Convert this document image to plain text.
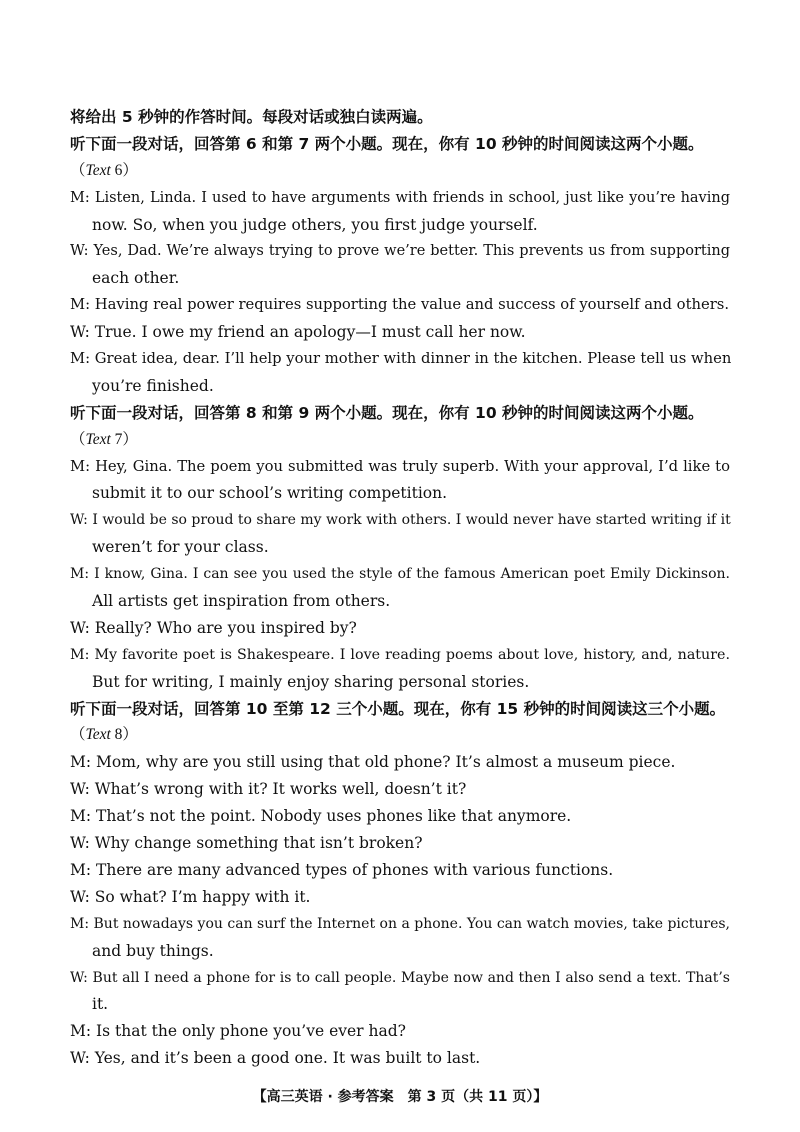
将给出 5 秒钟的作答时间。每段对话或独白读两遍。
听下面一段对话，回答第 6 和第 7 两个小题。现在，你有 10 秒钟的时间阅读这两个小题。
（Text 6）
M: Listen, Linda. I used to have arguments with friends in school, just like you’re having
now. So, when you judge others, you first judge yourself.
W: Yes, Dad. We’re always trying to prove we’re better. This prevents us from supporting
each other.
M: Having real power requires supporting the value and success of yourself and others.
W: True. I owe my friend an apology—I must call her now.
M: Great idea, dear. I’ll help your mother with dinner in the kitchen. Please tell us when
you’re finished.
听下面一段对话，回答第 8 和第 9 两个小题。现在，你有 10 秒钟的时间阅读这两个小题。
（Text 7）
M: Hey, Gina. The poem you submitted was truly superb. With your approval, I’d like to
submit it to our school’s writing competition.
W: I would be so proud to share my work with others. I would never have started writing if it
weren’t for your class.
M: I know, Gina. I can see you used the style of the famous American poet Emily Dickinson.
All artists get inspiration from others.
W: Really? Who are you inspired by?
M: My favorite poet is Shakespeare. I love reading poems about love, history, and, nature.
But for writing, I mainly enjoy sharing personal stories.
听下面一段对话，回答第 10 至第 12 三个小题。现在，你有 15 秒钟的时间阅读这三个小题。
（Text 8）
M: Mom, why are you still using that old phone? It’s almost a museum piece.
W: What’s wrong with it? It works well, doesn’t it?
M: That’s not the point. Nobody uses phones like that anymore.
W: Why change something that isn’t broken?
M: There are many advanced types of phones with various functions.
W: So what? I’m happy with it.
M: But nowadays you can surf the Internet on a phone. You can watch movies, take pictures,
and buy things.
W: But all I need a phone for is to call people. Maybe now and then I also send a text. That’s
it.
M: Is that the only phone you’ve ever had?
W: Yes, and it’s been a good one. It was built to last.
【高三英语 · 参考答案　第 3 页（共 11 页）】
